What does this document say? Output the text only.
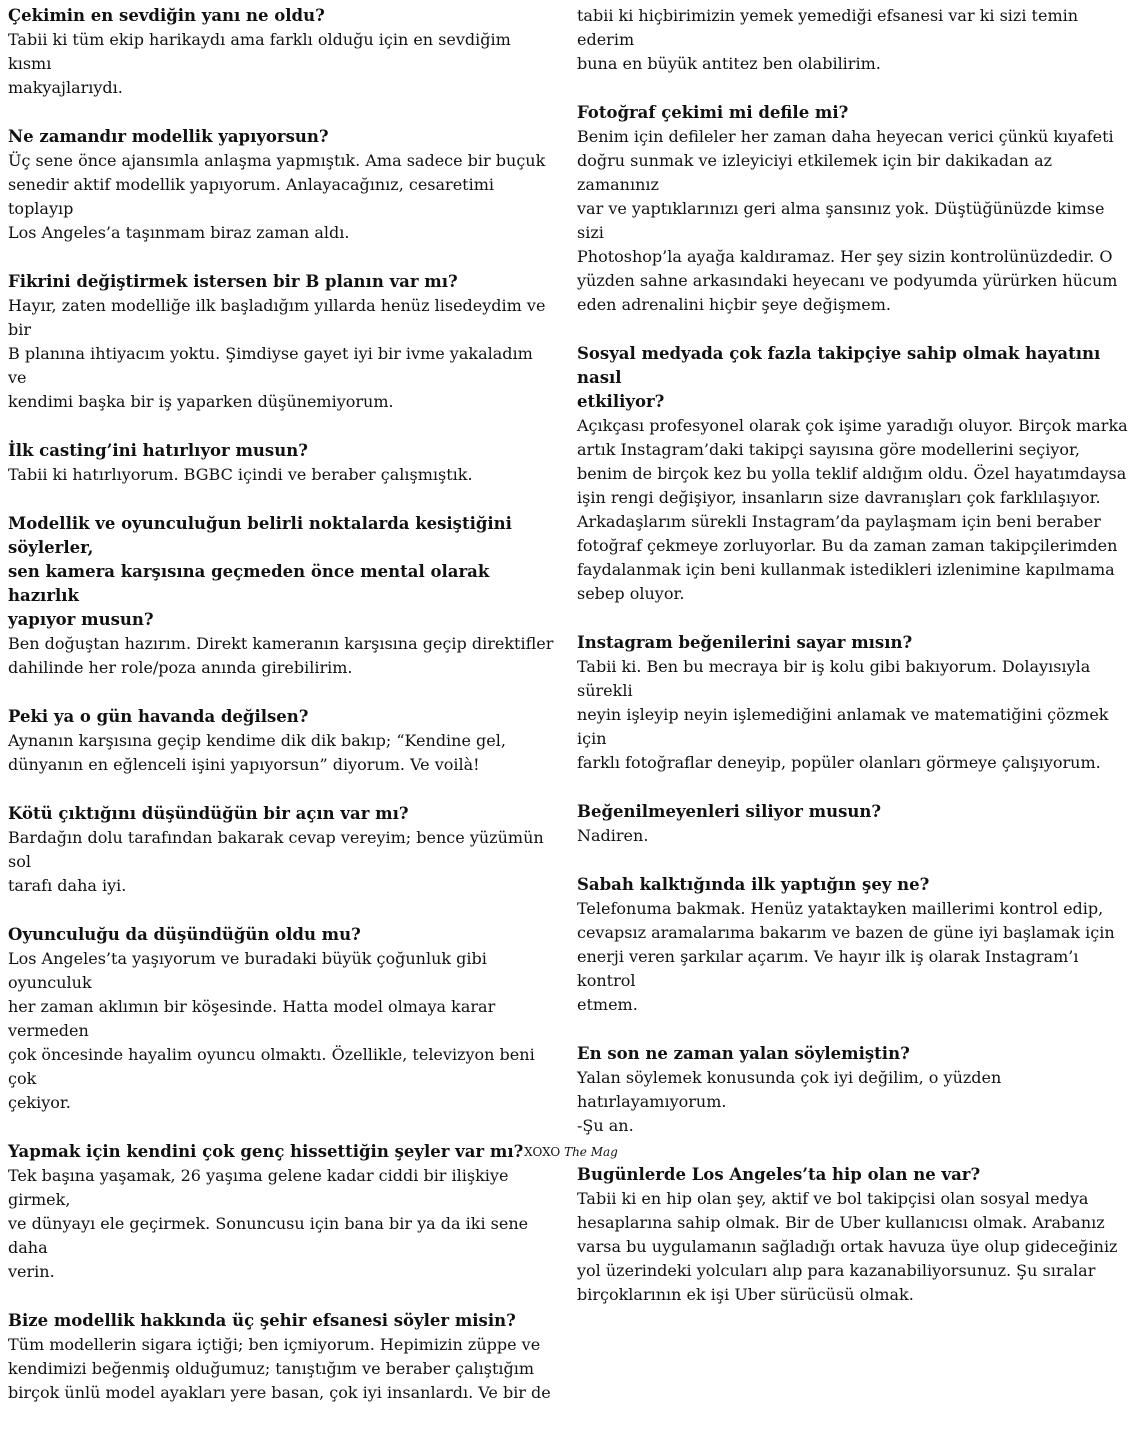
Çekimin en sevdiğin yanı ne oldu?
Tabii ki tüm ekip harikaydı ama farklı olduğu için en sevdiğim kısmı
makyajlarıydı.
Ne zamandır modellik yapıyorsun?
Üç sene önce ajansımla anlaşma yapmıştık. Ama sadece bir buçuk
senedir aktif modellik yapıyorum. Anlayacağınız, cesaretimi toplayıp
Los Angeles’a taşınmam biraz zaman aldı.
Fikrini değiştirmek istersen bir B planın var mı?
Hayır, zaten modelliğe ilk başladığım yıllarda henüz lisedeydim ve bir
B planına ihtiyacım yoktu. Şimdiyse gayet iyi bir ivme yakaladım ve
kendimi başka bir iş yaparken düşünemiyorum.
İlk casting’ini hatırlıyor musun?
Tabii ki hatırlıyorum. BGBC içindi ve beraber çalışmıştık.
Modellik ve oyunculuğun belirli noktalarda kesiştiğini söylerler,
sen kamera karşısına geçmeden önce mental olarak hazırlık
yapıyor musun?
Ben doğuştan hazırım. Direkt kameranın karşısına geçip direktifler
dahilinde her role/poza anında girebilirim.
Peki ya o gün havanda değilsen?
Aynanın karşısına geçip kendime dik dik bakıp; “Kendine gel,
dünyanın en eğlenceli işini yapıyorsun” diyorum. Ve voilà!
Kötü çıktığını düşündüğün bir açın var mı?
Bardağın dolu tarafından bakarak cevap vereyim; bence yüzümün sol
tarafı daha iyi.
Oyunculuğu da düşündüğün oldu mu?
Los Angeles’ta yaşıyorum ve buradaki büyük çoğunluk gibi oyunculuk
her zaman aklımın bir köşesinde. Hatta model olmaya karar vermeden
çok öncesinde hayalim oyuncu olmaktı. Özellikle, televizyon beni çok
çekiyor.
Yapmak için kendini çok genç hissettiğin şeyler var mı?
Tek başına yaşamak, 26 yaşıma gelene kadar ciddi bir ilişkiye girmek,
ve dünyayı ele geçirmek. Sonuncusu için bana bir ya da iki sene daha
verin.
Bize modellik hakkında üç şehir efsanesi söyler misin?
Tüm modellerin sigara içtiği; ben içmiyorum. Hepimizin züppe ve
kendimizi beğenmiş olduğumuz; tanıştığım ve beraber çalıştığım
birçok ünlü model ayakları yere basan, çok iyi insanlardı. Ve bir de
tabii ki hiçbirimizin yemek yemediği efsanesi var ki sizi temin ederim
buna en büyük antitez ben olabilirim.
Fotoğraf çekimi mi defile mi?
Benim için defileler her zaman daha heyecan verici çünkü kıyafeti
doğru sunmak ve izleyiciyi etkilemek için bir dakikadan az zamanınız
var ve yaptıklarınızı geri alma şansınız yok. Düştüğünüzde kimse sizi
Photoshop’la ayağa kaldıramaz. Her şey sizin kontrolünüzdedir. O
yüzden sahne arkasındaki heyecanı ve podyumda yürürken hücum
eden adrenalini hiçbir şeye değişmem.
Sosyal medyada çok fazla takipçiye sahip olmak hayatını nasıl
etkiliyor?
Açıkçası profesyonel olarak çok işime yaradığı oluyor. Birçok marka
artık Instagram’daki takipçi sayısına göre modellerini seçiyor,
benim de birçok kez bu yolla teklif aldığım oldu. Özel hayatımdaysa
işin rengi değişiyor, insanların size davranışları çok farklılaşıyor.
Arkadaşlarım sürekli Instagram’da paylaşmam için beni beraber
fotoğraf çekmeye zorluyorlar. Bu da zaman zaman takipçilerimden
faydalanmak için beni kullanmak istedikleri izlenimine kapılmama
sebep oluyor.
Instagram beğenilerini sayar mısın?
Tabii ki. Ben bu mecraya bir iş kolu gibi bakıyorum. Dolayısıyla sürekli
neyin işleyip neyin işlemediğini anlamak ve matematiğini çözmek için
farklı fotoğraflar deneyip, popüler olanları görmeye çalışıyorum.
Beğenilmeyenleri siliyor musun?
Nadiren.
Sabah kalktığında ilk yaptığın şey ne?
Telefonuma bakmak. Henüz yataktayken maillerimi kontrol edip,
cevapsız aramalarıma bakarım ve bazen de güne iyi başlamak için
enerji veren şarkılar açarım. Ve hayır ilk iş olarak Instagram’ı kontrol
etmem.
En son ne zaman yalan söylemiştin?
Yalan söylemek konusunda çok iyi değilim, o yüzden hatırlayamıyorum.
-Şu an.
Bugünlerde Los Angeles’ta hip olan ne var?
Tabii ki en hip olan şey, aktif ve bol takipçisi olan sosyal medya
hesaplarına sahip olmak. Bir de Uber kullanıcısı olmak. Arabanız
varsa bu uygulamanın sağladığı ortak havuza üye olup gideceğiniz
yol üzerindeki yolcuları alıp para kazanabiliyorsunuz. Şu sıralar
birçoklarının ek işi Uber sürücüsü olmak.
XOXO The Mag
